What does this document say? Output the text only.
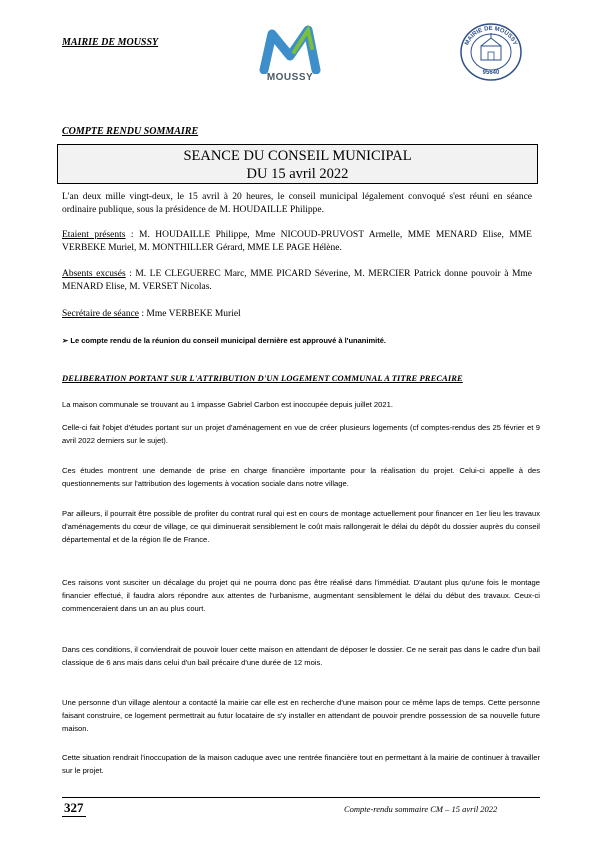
MAIRIE DE MOUSSY
MOUSSY
MAIRIE DE MOUSSY
95640
COMPTE RENDU SOMMAIRE
SEANCE DU CONSEIL MUNICIPAL
DU 15 avril 2022
L'an deux mille vingt-deux, le 15 avril à 20 heures, le conseil municipal légalement convoqué s'est réuni en séance ordinaire publique, sous la présidence de M. HOUDAILLE Philippe.
Etaient présents : M. HOUDAILLE Philippe, Mme NICOUD-PRUVOST Armelle, MME MENARD Elise, MME VERBEKE Muriel, M. MONTHILLER Gérard, MME LE PAGE Hélène.
Absents excusés : M. LE CLEGUEREC Marc, MME PICARD Séverine, M. MERCIER Patrick donne pouvoir à Mme MENARD Elise, M. VERSET Nicolas.
Secrétaire de séance : Mme VERBEKE Muriel
➢ Le compte rendu de la réunion du conseil municipal dernière est approuvé à l'unanimité.
DELIBERATION PORTANT SUR L'ATTRIBUTION D'UN LOGEMENT COMMUNAL A TITRE PRECAIRE
La maison communale se trouvant au 1 impasse Gabriel Carbon est inoccupée depuis juillet 2021.
Celle-ci fait l'objet d'études portant sur un projet d'aménagement en vue de créer plusieurs logements (cf comptes-rendus des 25 février et 9 avril 2022 derniers sur le sujet).
Ces études montrent une demande de prise en charge financière importante pour la réalisation du projet. Celui-ci appelle à des questionnements sur l'attribution des logements à vocation sociale dans notre village.
Par ailleurs, il pourrait être possible de profiter du contrat rural qui est en cours de montage actuellement pour financer en 1er lieu les travaux d'aménagements du cœur de village, ce qui diminuerait sensiblement le coût mais rallongerait le délai du dépôt du dossier auprès du conseil départemental et de la région Ile de France.
Ces raisons vont susciter un décalage du projet qui ne pourra donc pas être réalisé dans l'immédiat. D'autant plus qu'une fois le montage financier effectué, il faudra alors répondre aux attentes de l'urbanisme, augmentant sensiblement le délai du début des travaux. Ceux-ci commenceraient dans un an au plus court.
Dans ces conditions, il conviendrait de pouvoir louer cette maison en attendant de déposer le dossier. Ce ne serait pas dans le cadre d'un bail classique de 6 ans mais dans celui d'un bail précaire d'une durée de 12 mois.
Une personne d'un village alentour a contacté la mairie car elle est en recherche d'une maison pour ce même laps de temps. Cette personne faisant construire, ce logement permettrait au futur locataire de s'y installer en attendant de pouvoir prendre possession de sa nouvelle future maison.
Cette situation rendrait l'inoccupation de la maison caduque avec une rentrée financière tout en permettant à la mairie de continuer à travailler sur le projet.
327	Compte-rendu sommaire CM – 15 avril 2022
